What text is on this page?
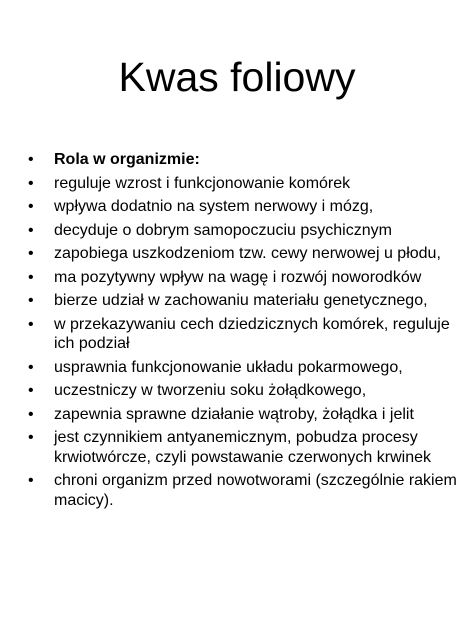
Kwas foliowy
•	Rola w organizmie:
•	reguluje wzrost i funkcjonowanie komórek
•	wpływa dodatnio na system nerwowy i mózg,
•	decyduje o dobrym samopoczuciu psychicznym
•	zapobiega uszkodzeniom tzw. cewy nerwowej u płodu,
•	ma pozytywny wpływ na wagę i rozwój noworodków
•	bierze udział w zachowaniu materiału genetycznego,
•	w przekazywaniu cech dziedzicznych komórek, reguluje ich podział
•	usprawnia funkcjonowanie układu pokarmowego,
•	uczestniczy w tworzeniu soku żołądkowego,
•	zapewnia sprawne działanie wątroby, żołądka i jelit
•	jest czynnikiem antyanemicznym, pobudza procesy krwiotwórcze, czyli powstawanie czerwonych krwinek
•	chroni organizm przed nowotworami (szczególnie rakiem macicy).
